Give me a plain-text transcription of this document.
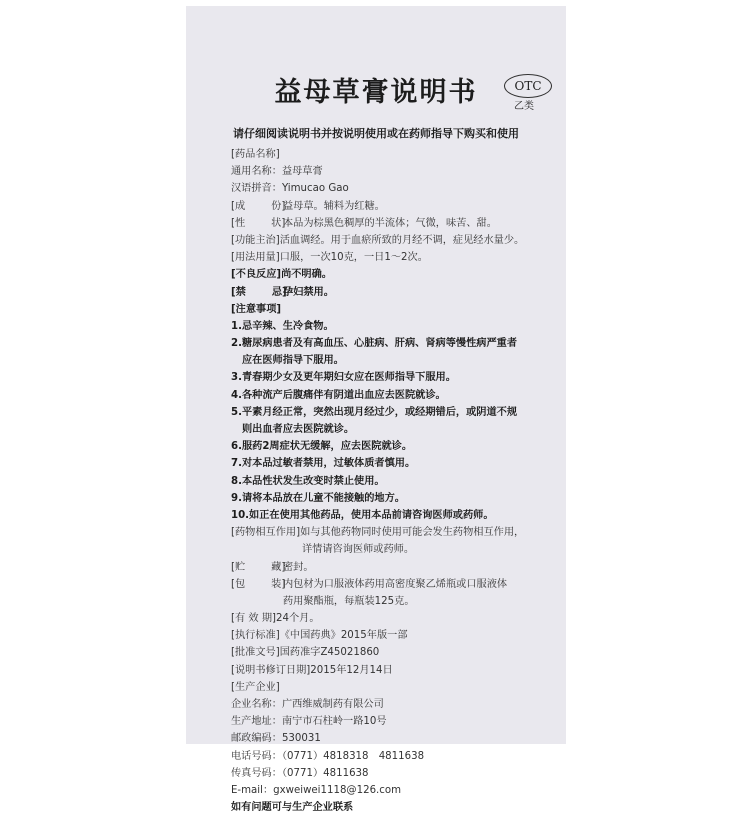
益母草膏说明书	OTC
乙类
请仔细阅读说明书并按说明使用或在药师指导下购买和使用
[药品名称]
通用名称：益母草膏
汉语拼音：Yimucao Gao
[成	份]益母草。辅料为红糖。
[性	状]本品为棕黑色稠厚的半流体；气微，味苦、甜。
[功能主治]活血调经。用于血瘀所致的月经不调，症见经水量少。
[用法用量]口服，一次10克，一日1～2次。
[不良反应]尚不明确。
[禁	忌]孕妇禁用。
[注意事项]
1.忌辛辣、生冷食物。
2.糖尿病患者及有高血压、心脏病、肝病、肾病等慢性病严重者
应在医师指导下服用。
3.青春期少女及更年期妇女应在医师指导下服用。
4.各种流产后腹痛伴有阴道出血应去医院就诊。
5.平素月经正常，突然出现月经过少，或经期错后，或阴道不规
则出血者应去医院就诊。
6.服药2周症状无缓解，应去医院就诊。
7.对本品过敏者禁用，过敏体质者慎用。
8.本品性状发生改变时禁止使用。
9.请将本品放在儿童不能接触的地方。
10.如正在使用其他药品，使用本品前请咨询医师或药师。
[药物相互作用]如与其他药物同时使用可能会发生药物相互作用，
详情请咨询医师或药师。
[贮	藏]密封。
[包	装]内包材为口服液体药用高密度聚乙烯瓶或口服液体
药用聚酯瓶，每瓶装125克。
[有 效 期]24个月。
[执行标准]《中国药典》2015年版一部
[批准文号]国药准字Z45021860
[说明书修订日期]2015年12月14日
[生产企业]
企业名称：广西维威制药有限公司
生产地址：南宁市石柱岭一路10号
邮政编码：530031
电话号码：（0771）4818318　4811638
传真号码：（0771）4811638
E-mail：gxweiwei1118@126.com
如有问题可与生产企业联系
